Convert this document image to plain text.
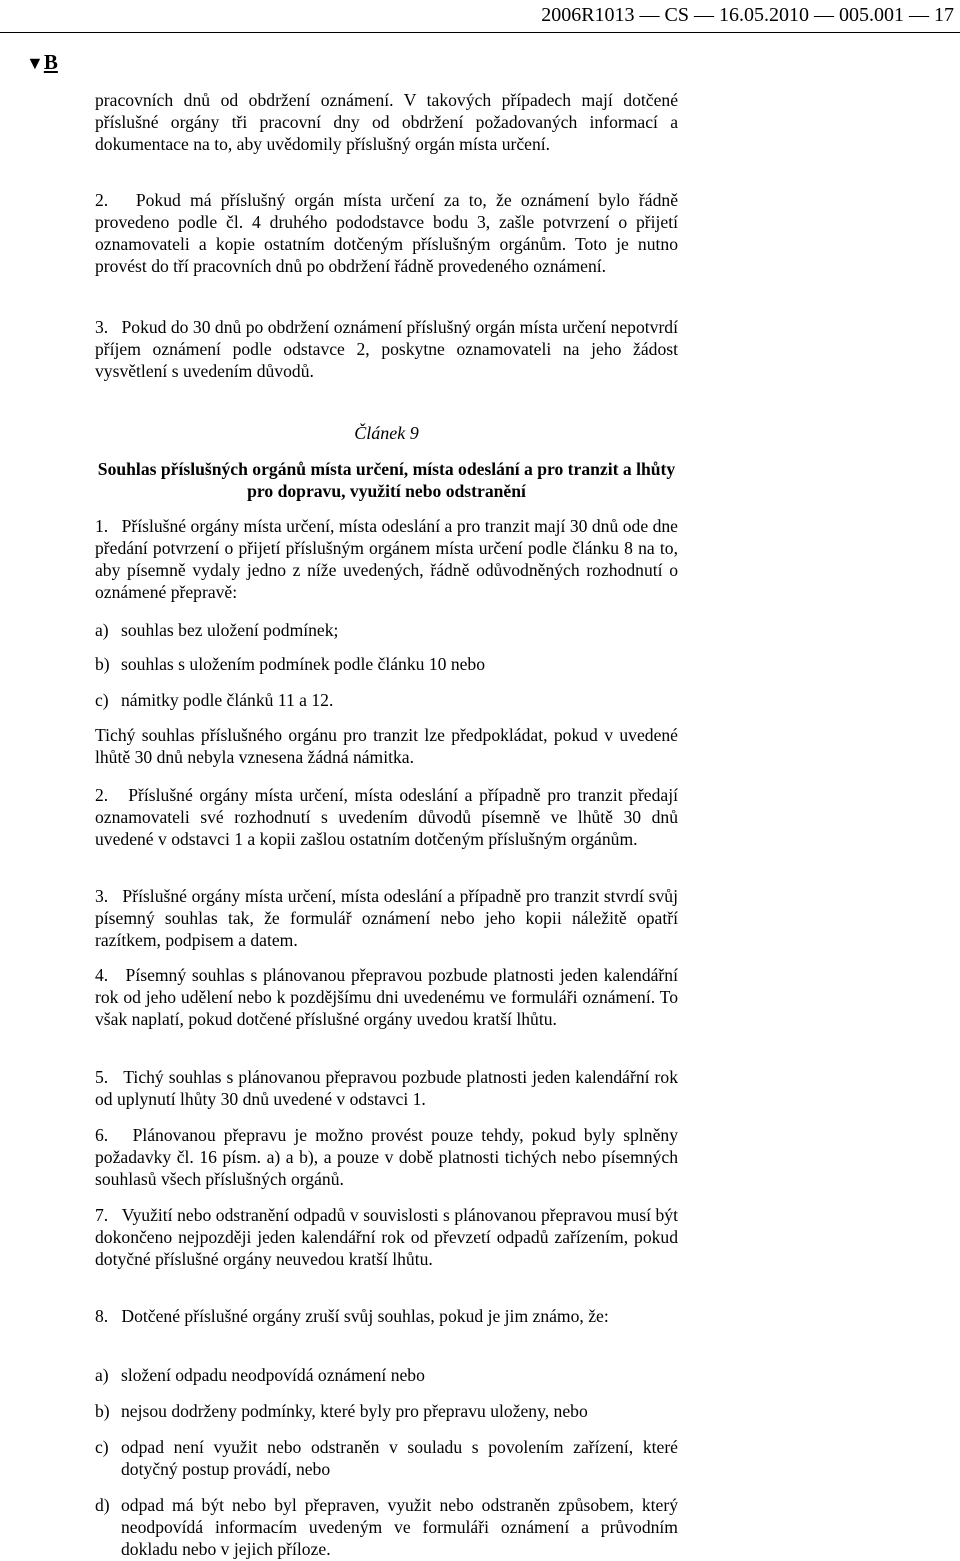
2006R1013 — CS — 16.05.2010 — 005.001 — 17
▼B

pracovních dnů od obdržení oznámení. V takových případech mají dotčené příslušné orgány tři pracovní dny od obdržení požadovaných informací a dokumentace na to, aby uvědomily příslušný orgán místa určení.

2. Pokud má příslušný orgán místa určení za to, že oznámení bylo řádně provedeno podle čl. 4 druhého pododstavce bodu 3, zašle potvrzení o přijetí oznamovateli a kopie ostatním dotčeným příslušným orgánům. Toto je nutno provést do tří pracovních dnů po obdržení řádně provedeného oznámení.

3. Pokud do 30 dnů po obdržení oznámení příslušný orgán místa určení nepotvrdí příjem oznámení podle odstavce 2, poskytne oznamovateli na jeho žádost vysvětlení s uvedením důvodů.

Článek 9
Souhlas příslušných orgánů místa určení, místa odeslání a pro tranzit a lhůty pro dopravu, využití nebo odstranění

1. Příslušné orgány místa určení, místa odeslání a pro tranzit mají 30 dnů ode dne předání potvrzení o přijetí příslušným orgánem místa určení podle článku 8 na to, aby písemně vydaly jedno z níže uvedených, řádně odůvodněných rozhodnutí o oznámené přepravě:

a) souhlas bez uložení podmínek;
b) souhlas s uložením podmínek podle článku 10 nebo
c) námitky podle článků 11 a 12.

Tichý souhlas příslušného orgánu pro tranzit lze předpokládat, pokud v uvedené lhůtě 30 dnů nebyla vznesena žádná námitka.

2. Příslušné orgány místa určení, místa odeslání a případně pro tranzit předají oznamovateli své rozhodnutí s uvedením důvodů písemně ve lhůtě 30 dnů uvedené v odstavci 1 a kopii zašlou ostatním dotčeným příslušným orgánům.

3. Příslušné orgány místa určení, místa odeslání a případně pro tranzit stvrdí svůj písemný souhlas tak, že formulář oznámení nebo jeho kopii náležitě opatří razítkem, podpisem a datem.

4. Písemný souhlas s plánovanou přepravou pozbude platnosti jeden kalendářní rok od jeho udělení nebo k pozdějšímu dni uvedenému ve formuláři oznámení. To však naplatí, pokud dotčené příslušné orgány uvedou kratší lhůtu.

5. Tichý souhlas s plánovanou přepravou pozbude platnosti jeden kalendářní rok od uplynutí lhůty 30 dnů uvedené v odstavci 1.

6. Plánovanou přepravu je možno provést pouze tehdy, pokud byly splněny požadavky čl. 16 písm. a) a b), a pouze v době platnosti tichých nebo písemných souhlasů všech příslušných orgánů.

7. Využití nebo odstranění odpadů v souvislosti s plánovanou přepravou musí být dokončeno nejpozději jeden kalendářní rok od převzetí odpadů zařízením, pokud dotyčné příslušné orgány neuvedou kratší lhůtu.

8. Dotčené příslušné orgány zruší svůj souhlas, pokud je jim známo, že:

a) složení odpadu neodpovídá oznámení nebo
b) nejsou dodrženy podmínky, které byly pro přepravu uloženy, nebo
c) odpad není využit nebo odstraněn v souladu s povolením zařízení, které dotyčný postup provádí, nebo
d) odpad má být nebo byl přepraven, využit nebo odstraněn způsobem, který neodpovídá informacím uvedeným ve formuláři oznámení a průvodním dokladu nebo v jejich příloze.
